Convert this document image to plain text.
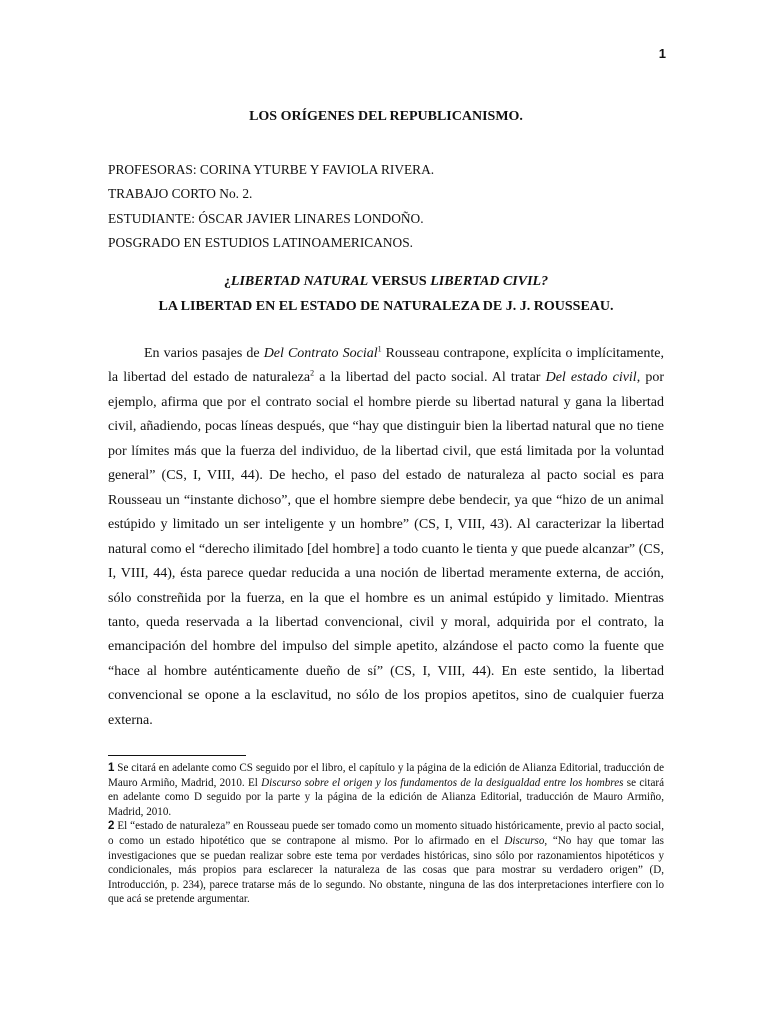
1
LOS ORÍGENES DEL REPUBLICANISMO.
PROFESORAS: CORINA YTURBE Y FAVIOLA RIVERA.
TRABAJO CORTO No. 2.
ESTUDIANTE: ÓSCAR JAVIER LINARES LONDOÑO.
POSGRADO EN ESTUDIOS LATINOAMERICANOS.
¿LIBERTAD NATURAL VERSUS LIBERTAD CIVIL?
LA LIBERTAD EN EL ESTADO DE NATURALEZA DE J. J. ROUSSEAU.

En varios pasajes de Del Contrato Social$^1$ Rousseau contrapone, explícita o implícitamente, la libertad del estado de naturaleza$^2$ a la libertad del pacto social. Al tratar Del estado civil, por ejemplo, afirma que por el contrato social el hombre pierde su libertad natural y gana la libertad civil, añadiendo, pocas líneas después, que “hay que distinguir bien la libertad natural que no tiene por límites más que la fuerza del individuo, de la libertad civil, que está limitada por la voluntad general” (CS, I, VIII, 44). De hecho, el paso del estado de naturaleza al pacto social es para Rousseau un “instante dichoso”, que el hombre siempre debe bendecir, ya que “hizo de un animal estúpido y limitado un ser inteligente y un hombre” (CS, I, VIII, 43). Al caracterizar la libertad natural como el “derecho ilimitado [del hombre] a todo cuanto le tienta y que puede alcanzar” (CS, I, VIII, 44), ésta parece quedar reducida a una noción de libertad meramente externa, de acción, sólo constreñida por la fuerza, en la que el hombre es un animal estúpido y limitado. Mientras tanto, queda reservada a la libertad convencional, civil y moral, adquirida por el contrato, la emancipación del hombre del impulso del simple apetito, alzándose el pacto como la fuente que “hace al hombre auténticamente dueño de sí” (CS, I, VIII, 44). En este sentido, la libertad convencional se opone a la esclavitud, no sólo de los propios apetitos, sino de cualquier fuerza externa.

1 Se citará en adelante como CS seguido por el libro, el capítulo y la página de la edición de Alianza Editorial, traducción de Mauro Armiño, Madrid, 2010. El Discurso sobre el origen y los fundamentos de la desigualdad entre los hombres se citará en adelante como D seguido por la parte y la página de la edición de Alianza Editorial, traducción de Mauro Armiño, Madrid, 2010.

2 El “estado de naturaleza” en Rousseau puede ser tomado como un momento situado históricamente, previo al pacto social, o como un estado hipotético que se contrapone al mismo. Por lo afirmado en el Discurso, “No hay que tomar las investigaciones que se puedan realizar sobre este tema por verdades históricas, sino sólo por razonamientos hipotéticos y condicionales, más propios para esclarecer la naturaleza de las cosas que para mostrar su verdadero origen” (D, Introducción, p. 234), parece tratarse más de lo segundo. No obstante, ninguna de las dos interpretaciones interfiere con lo que acá se pretende argumentar.
